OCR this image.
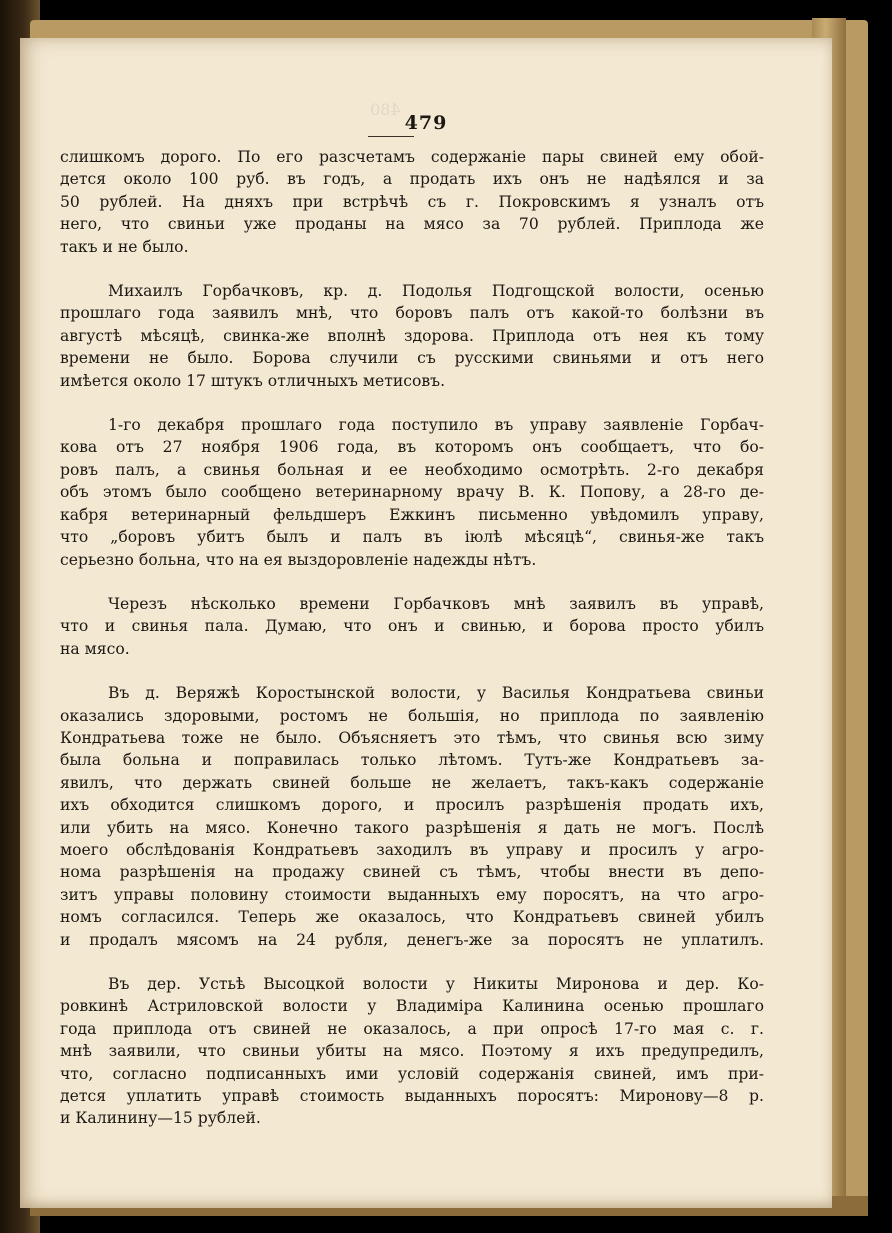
480
479

слишкомъ дорого. По его разсчетамъ содержаніе пары свиней ему обой-
дется около 100 руб. въ годъ, а продать ихъ онъ не надѣялся и за
50 рублей. На дняхъ при встрѣчѣ съ г. Покровскимъ я узналъ отъ
него, что свиньи уже проданы на мясо за 70 рублей. Приплода же
такъ и не было.

Михаилъ Горбачковъ, кр. д. Подолья Подгощской волости, осенью
прошлаго года заявилъ мнѣ, что боровъ палъ отъ какой-то болѣзни въ
августѣ мѣсяцѣ, свинка-же вполнѣ здорова. Приплода отъ нея къ тому
времени не было. Борова случили съ русскими свиньями и отъ него
имѣется около 17 штукъ отличныхъ метисовъ.

1-го декабря прошлаго года поступило въ управу заявленіе Горбач-
кова отъ 27 ноября 1906 года, въ которомъ онъ сообщаетъ, что бо-
ровъ палъ, а свинья больная и ее необходимо осмотрѣть. 2-го декабря
объ этомъ было сообщено ветеринарному врачу В. К. Попову, а 28-го де-
кабря ветеринарный фельдшеръ Ежкинъ письменно увѣдомилъ управу,
что „боровъ убитъ былъ и палъ въ іюлѣ мѣсяцѣ“, свинья-же такъ
серьезно больна, что на ея выздоровленіе надежды нѣтъ.

Черезъ нѣсколько времени Горбачковъ мнѣ заявилъ въ управѣ,
что и свинья пала. Думаю, что онъ и свинью, и борова просто убилъ
на мясо.

Въ д. Веряжѣ Коростынской волости, у Василья Кондратьева свиньи
оказались здоровыми, ростомъ не большія, но приплода по заявленію
Кондратьева тоже не было. Объясняетъ это тѣмъ, что свинья всю зиму
была больна и поправилась только лѣтомъ. Тутъ-же Кондратьевъ за-
явилъ, что держать свиней больше не желаетъ, такъ-какъ содержаніе
ихъ обходится слишкомъ дорого, и просилъ разрѣшенія продать ихъ,
или убить на мясо. Конечно такого разрѣшенія я дать не могъ. Послѣ
моего обслѣдованія Кондратьевъ заходилъ въ управу и просилъ у агро-
нома разрѣшенія на продажу свиней съ тѣмъ, чтобы внести въ депо-
зитъ управы половину стоимости выданныхъ ему поросятъ, на что агро-
номъ согласился. Теперь же оказалось, что Кондратьевъ свиней убилъ
и продалъ мясомъ на 24 рубля, денегъ-же за поросятъ не уплатилъ.

Въ дер. Устьѣ Высоцкой волости у Никиты Миронова и дер. Ко-
ровкинѣ Астриловской волости у Владиміра Калинина осенью прошлаго
года приплода отъ свиней не оказалось, а при опросѣ 17-го мая с. г.
мнѣ заявили, что свиньи убиты на мясо. Поэтому я ихъ предупредилъ,
что, согласно подписанныхъ ими условій содержанія свиней, имъ при-
дется уплатить управѣ стоимость выданныхъ поросятъ: Миронову—8 р.
и Калинину—15 рублей.
